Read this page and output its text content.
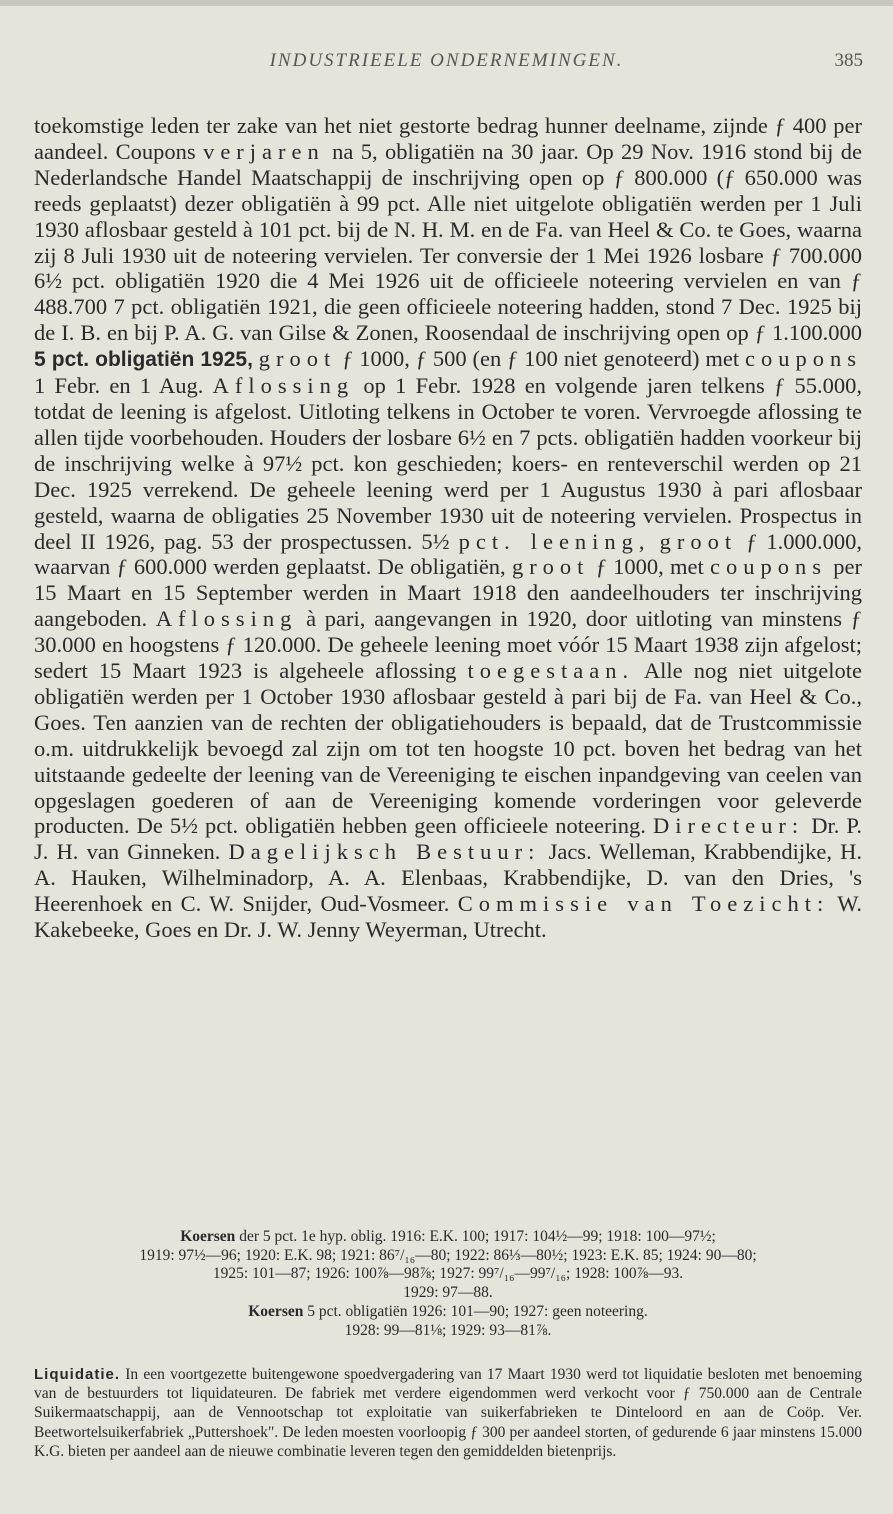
INDUSTRIEELE ONDERNEMINGEN.	385

toekomstige leden ter zake van het niet gestorte bedrag hunner deelname, zijnde ƒ 400 per aandeel. Coupons verjaren na 5, obligatiën na 30 jaar. Op 29 Nov. 1916 stond bij de Nederlandsche Handel Maatschappij de inschrijving open op ƒ 800.000 (ƒ 650.000 was reeds geplaatst) dezer obligatiën à 99 pct. Alle niet uitgelote obligatiën werden per 1 Juli 1930 aflosbaar gesteld à 101 pct. bij de N. H. M. en de Fa. van Heel & Co. te Goes, waarna zij 8 Juli 1930 uit de noteering vervielen. Ter conversie der 1 Mei 1926 losbare ƒ 700.000 6½ pct. obligatiën 1920 die 4 Mei 1926 uit de officieele noteering vervielen en van ƒ 488.700 7 pct. obligatiën 1921, die geen officieele noteering hadden, stond 7 Dec. 1925 bij de I. B. en bij P. A. G. van Gilse & Zonen, Roosendaal de inschrijving open op ƒ 1.100.000 5 pct. obligatiën 1925, groot ƒ 1000, ƒ 500 (en ƒ 100 niet genoteerd) met coupons 1 Febr. en 1 Aug. Aflossing op 1 Febr. 1928 en volgende jaren telkens ƒ 55.000, totdat de leening is afgelost. Uitloting telkens in October te voren. Vervroegde aflossing te allen tijde voorbehouden. Houders der losbare 6½ en 7 pcts. obligatiën hadden voorkeur bij de inschrijving welke à 97½ pct. kon geschieden; koers- en renteverschil werden op 21 Dec. 1925 verrekend. De geheele leening werd per 1 Augustus 1930 à pari aflosbaar gesteld, waarna de obligaties 25 November 1930 uit de noteering vervielen. Prospectus in deel II 1926, pag. 53 der prospectussen. 5½ pct. leening, groot ƒ 1.000.000, waarvan ƒ 600.000 werden geplaatst. De obligatiën, groot ƒ 1000, met coupons per 15 Maart en 15 September werden in Maart 1918 den aandeelhouders ter inschrijving aangeboden. Aflossing à pari, aangevangen in 1920, door uitloting van minstens ƒ 30.000 en hoogstens ƒ 120.000. De geheele leening moet vóór 15 Maart 1938 zijn afgelost; sedert 15 Maart 1923 is algeheele aflossing toegestaan. Alle nog niet uitgelote obligatiën werden per 1 October 1930 aflosbaar gesteld à pari bij de Fa. van Heel & Co., Goes. Ten aanzien van de rechten der obligatiehouders is bepaald, dat de Trustcommissie o.m. uitdrukkelijk bevoegd zal zijn om tot ten hoogste 10 pct. boven het bedrag van het uitstaande gedeelte der leening van de Vereeniging te eischen inpandgeving van ceelen van opgeslagen goederen of aan de Vereeniging komende vorderingen voor geleverde producten. De 5½ pct. obligatiën hebben geen officieele noteering. Directeur: Dr. P. J. H. van Ginneken. Dagelijksch Bestuur: Jacs. Welleman, Krabbendijke, H. A. Hauken, Wilhelminadorp, A. A. Elenbaas, Krabbendijke, D. van den Dries, 's Heerenhoek en C. W. Snijder, Oud-Vosmeer. Commissie van Toezicht: W. Kakebeeke, Goes en Dr. J. W. Jenny Weyerman, Utrecht.

Koersen der 5 pct. 1e hyp. oblig. 1916: E.K. 100; 1917: 104½—99; 1918: 100—97½;
1919: 97½—96; 1920: E.K. 98; 1921: 86⁷/₁₆—80; 1922: 86⅓—80½; 1923: E.K. 85; 1924: 90—80;
1925: 101—87; 1926: 100⅞—98⅞; 1927: 99⁷/₁₆—99⁷/₁₆; 1928: 100⅞—93.
1929: 97—88.
Koersen 5 pct. obligatiën 1926: 101—90; 1927: geen noteering.
1928: 99—81⅛; 1929: 93—81⅞.

Liquidatie. In een voortgezette buitengewone spoedvergadering van 17 Maart 1930 werd tot liquidatie besloten met benoeming van de bestuurders tot liquidateuren. De fabriek met verdere eigendommen werd verkocht voor ƒ 750.000 aan de Centrale Suikermaatschappij, aan de Vennootschap tot exploitatie van suikerfabrieken te Dinteloord en aan de Coöp. Ver. Beetwortelsuikerfabriek „Puttershoek". De leden moesten voorloopig ƒ 300 per aandeel storten, of gedurende 6 jaar minstens 15.000 K.G. bieten per aandeel aan de nieuwe combinatie leveren tegen den gemiddelden bietenprijs.
